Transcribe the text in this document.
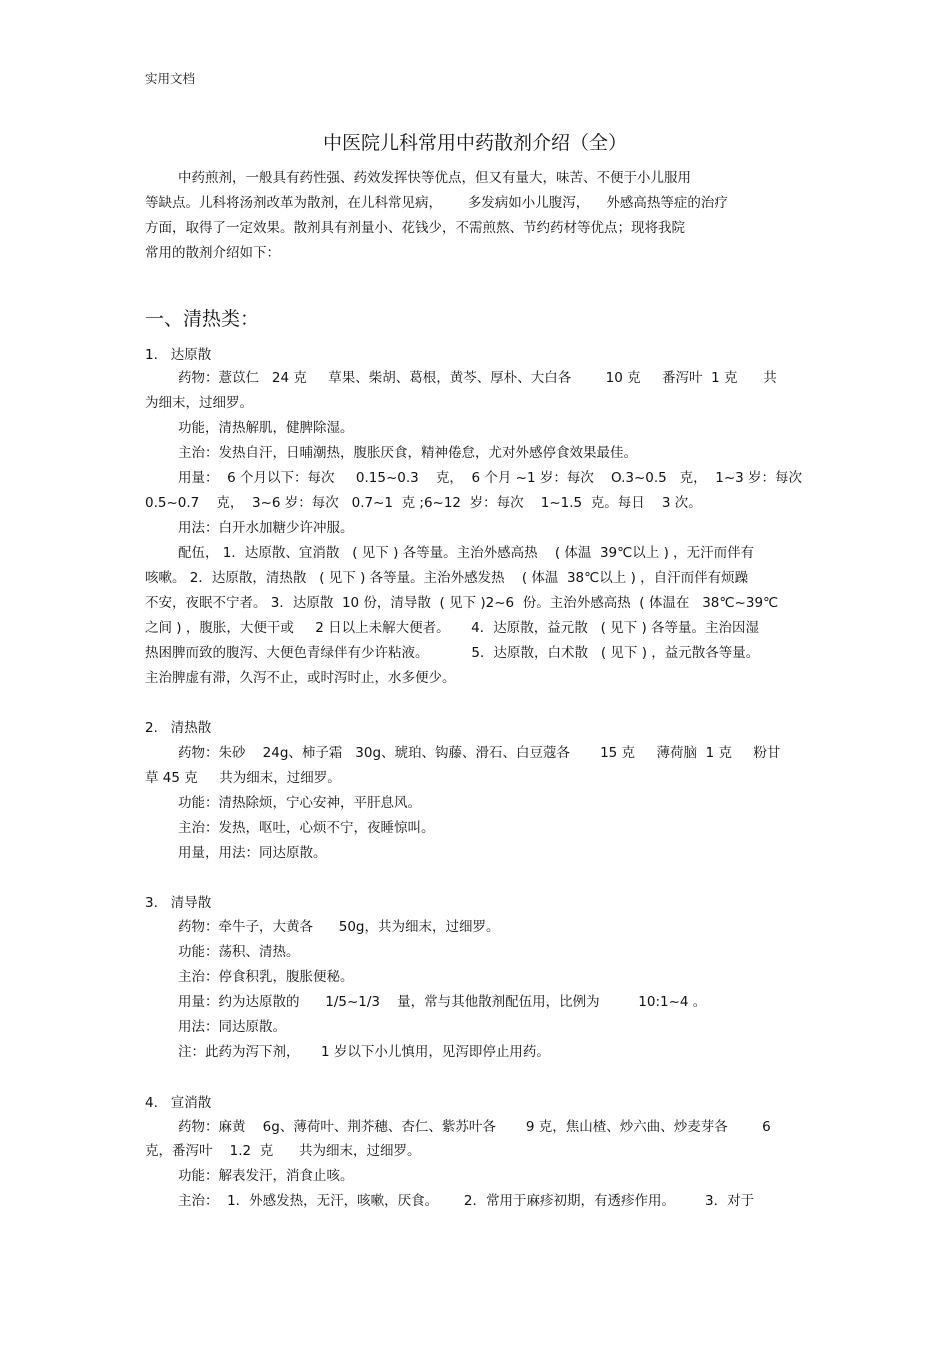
实用文档
中医院儿科常用中药散剂介绍（全）
中药煎剂，一般具有药性强、药效发挥快等优点，但又有量大，味苦、不便于小儿服用
等缺点。儿科将汤剂改革为散剂，在儿科常见病，      多发病如小儿腹泻，    外感高热等症的治疗
方面，取得了一定效果。散剂具有剂量小、花钱少，不需煎熬、节约药材等优点；现将我院
常用的散剂介绍如下：
一、清热类：
1.   达原散
药物：薏苡仁   24 克     草果、柴胡、葛根，黄芩、厚朴、大白各        10 克     番泻叶  1 克      共
为细末，过细罗。
功能，清热解肌，健脾除湿。
主治：发热自汗，日晡潮热，腹胀厌食，精神倦怠，尤对外感停食效果最佳。
用量：  6 个月以下：每次     0.15~0.3    克，  6 个月 ~1 岁：每次    O.3~0.5   克，  1~3 岁：每次
0.5~0.7    克，  3~6 岁：每次   0.7~1  克 ;6~12  岁：每次    1~1.5  克。每日    3 次。
用法：白开水加糖少许冲服。
配伍， 1．达原散、宜消散   ( 见下 ) 各等量。主治外感高热    ( 体温  39℃以上 ) ，无汗而伴有
咳嗽。 2．达原散，清热散   ( 见下 ) 各等量。主治外感发热    ( 体温  38℃以上 ) ，自汗而伴有烦躁
不安，夜眠不宁者。 3．达原散  10 份，清导散  ( 见下 )2~6  份。主治外感高热  ( 体温在   38℃~39℃
之间 ) ，腹胀，大便干或     2 日以上未解大便者。     4．达原散，益元散   ( 见下 ) 各等量。主治因湿
热困脾而致的腹泻、大便色青绿伴有少许粘液。          5．达原散，白术散   ( 见下 ) ，益元散各等量。
主治脾虚有滞，久泻不止，或时泻时止，水多便少。
2.   清热散
药物：朱砂    24g、柿子霜   30g、琥珀、钩藤、滑石、白豆蔻各       15 克     薄荷脑  1 克     粉甘
草 45 克     共为细末，过细罗。
功能：清热除烦，宁心安神，平肝息风。
主治：发热，呕吐，心烦不宁，夜睡惊叫。
用量，用法：同达原散。
3.   清导散
药物：牵牛子，大黄各      50g，共为细末，过细罗。
功能：荡积、清热。
主治：停食积乳，腹胀便秘。
用量：约为达原散的      1/5~1/3    量，常与其他散剂配伍用，比例为         10:1~4 。
用法：同达原散。
注：此药为泻下剂，     1 岁以下小儿慎用，见泻即停止用药。
4.   宣消散
药物：麻黄    6g、薄荷叶、荆芥穗、杏仁、紫苏叶各       9 克，焦山楂、炒六曲、炒麦芽各        6
克，番泻叶    1.2  克      共为细末，过细罗。
功能：解表发汗，消食止咳。
主治：  1．外感发热，无汗，咳嗽，厌食。      2．常用于麻疹初期，有透疹作用。       3．对于
